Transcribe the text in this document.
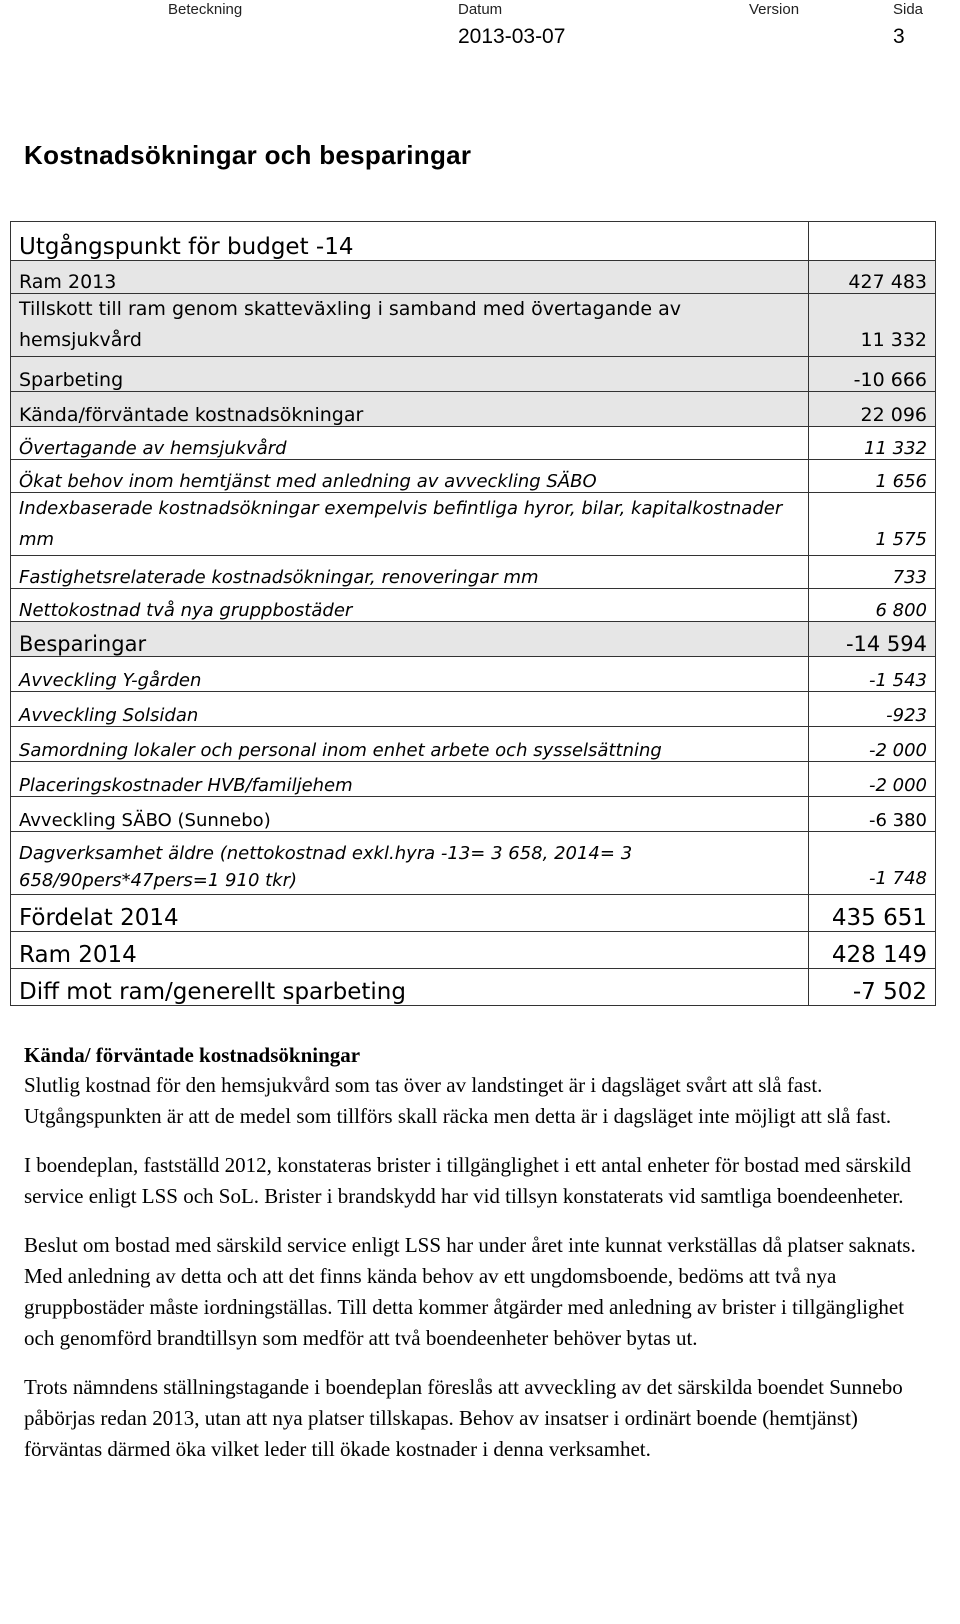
Beteckning	Datum
2013-03-07
Version	Sida
3
Kostnadsökningar och besparingar
Utgångspunkt för budget -14	
Ram 2013	427 483
Tillskott till ram genom skatteväxling i samband med övertagande av hemsjukvård	11 332
Sparbeting	-10 666
Kända/förväntade kostnadsökningar	22 096
Övertagande av hemsjukvård	11 332
Ökat behov inom hemtjänst med anledning av avveckling SÄBO	1 656
Indexbaserade kostnadsökningar exempelvis befintliga hyror, bilar, kapitalkostnader mm	1 575
Fastighetsrelaterade kostnadsökningar, renoveringar mm	733
Nettokostnad två nya gruppbostäder	6 800
Besparingar	-14 594
Avveckling Y-gården	-1 543
Avveckling Solsidan	-923
Samordning lokaler och personal inom enhet arbete och sysselsättning	-2 000
Placeringskostnader HVB/familjehem	-2 000
Avveckling SÄBO (Sunnebo)	-6 380
Dagverksamhet äldre (nettokostnad exkl.hyra -13= 3 658, 2014= 3 658/90pers*47pers=1 910 tkr)	-1 748
Fördelat 2014	435 651
Ram 2014	428 149
Diff mot ram/generellt sparbeting	-7 502
Kända/ förväntade kostnadsökningar

Slutlig kostnad för den hemsjukvård som tas över av landstinget är i dagsläget svårt att slå fast. Utgångspunkten är att de medel som tillförs skall räcka men detta är i dagsläget inte möjligt att slå fast.

I boendeplan, fastställd 2012, konstateras brister i tillgänglighet i ett antal enheter för bostad med särskild service enligt LSS och SoL. Brister i brandskydd har vid tillsyn konstaterats vid samtliga boendeenheter.

Beslut om bostad med särskild service enligt LSS har under året inte kunnat verkställas då platser saknats. Med anledning av detta och att det finns kända behov av ett ungdomsboende, bedöms att två nya gruppbostäder måste iordningställas. Till detta kommer åtgärder med anledning av brister i tillgänglighet och genomförd brandtillsyn som medför att två boendeenheter behöver bytas ut.

Trots nämndens ställningstagande i boendeplan föreslås att avveckling av det särskilda boendet Sunnebo påbörjas redan 2013, utan att nya platser tillskapas. Behov av insatser i ordinärt boende (hemtjänst) förväntas därmed öka vilket leder till ökade kostnader i denna verksamhet.
